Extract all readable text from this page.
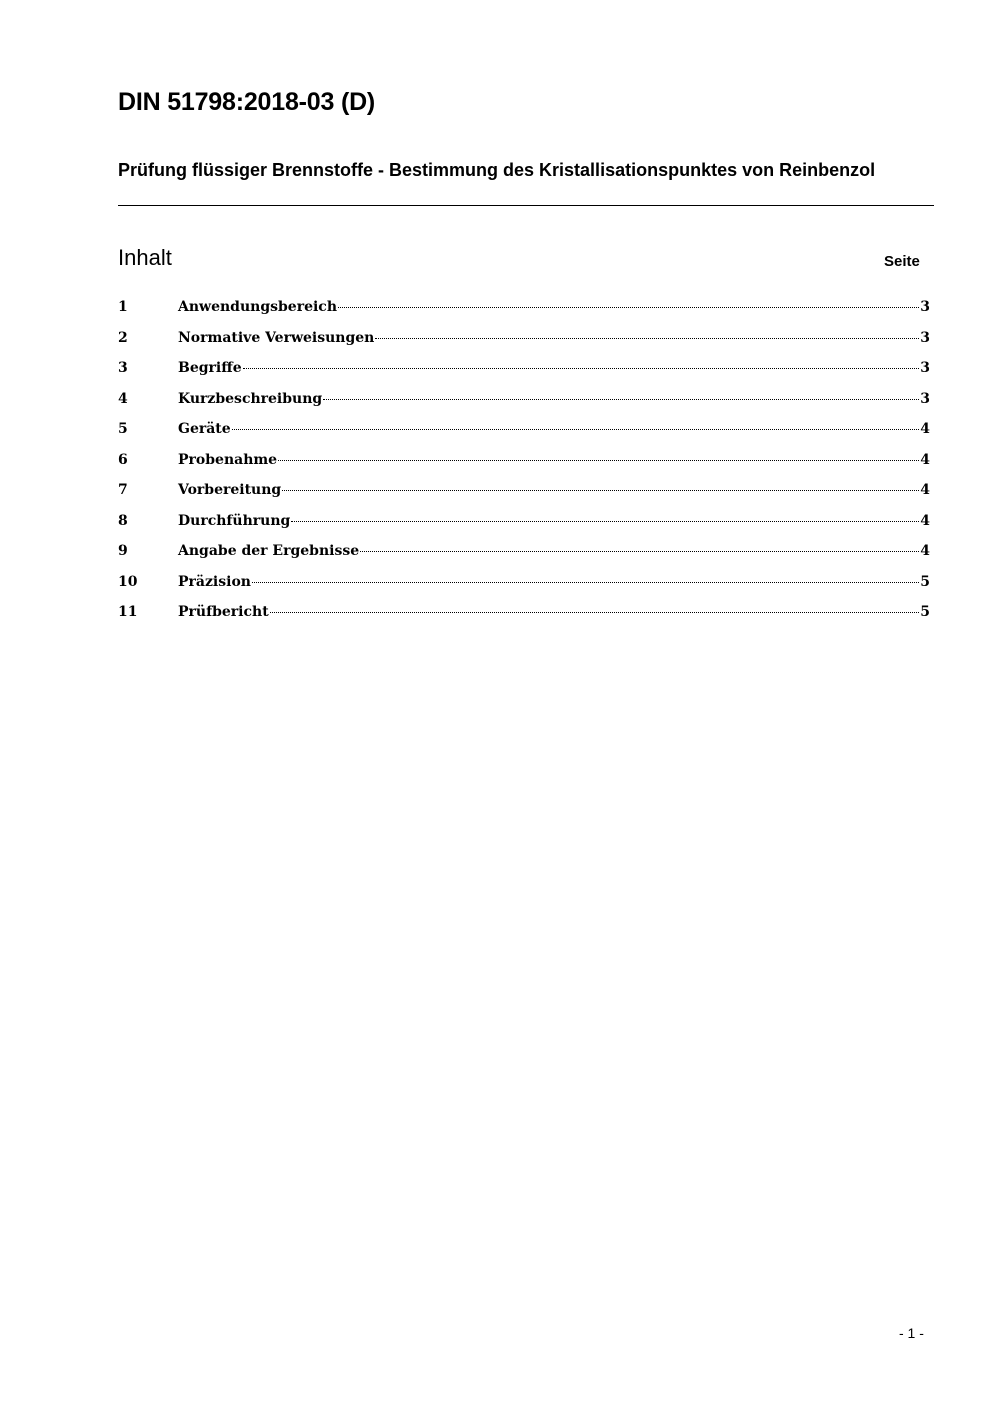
DIN 51798:2018-03 (D)
Prüfung flüssiger Brennstoffe - Bestimmung des Kristallisationspunktes von Reinbenzol
Inhalt	Seite
1	Anwendungsbereich	3
2	Normative Verweisungen	3
3	Begriffe	3
4	Kurzbeschreibung	3
5	Geräte	4
6	Probenahme	4
7	Vorbereitung	4
8	Durchführung	4
9	Angabe der Ergebnisse	4
10	Präzision	5
11	Prüfbericht	5
- 1 -
